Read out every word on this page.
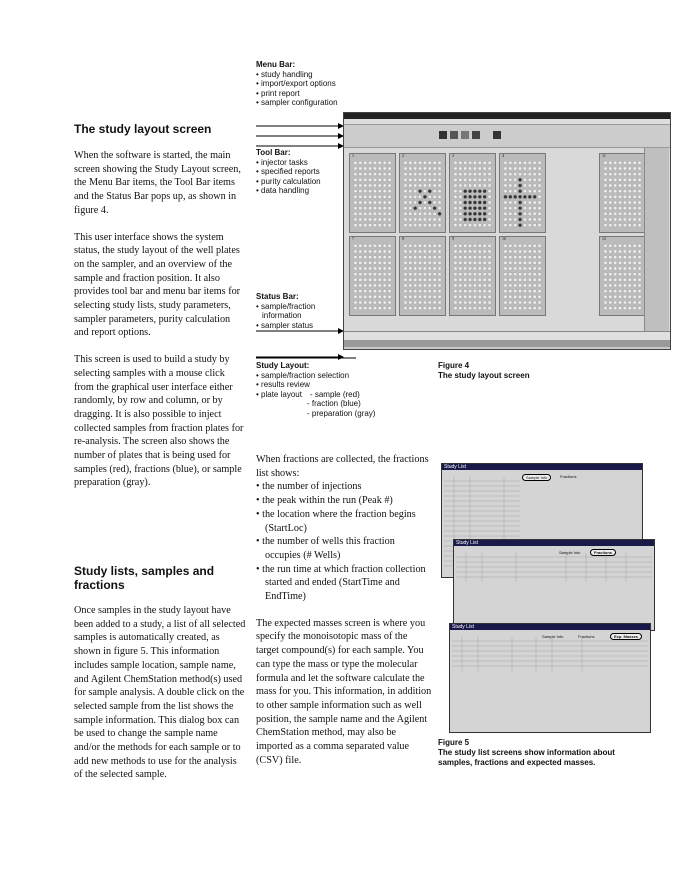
The study layout screen

When the software is started, the main screen showing the Study Layout screen, the Menu Bar items, the Tool Bar items and the Status Bar pops up, as shown in figure 4.

This user interface shows the system status, the study layout of the well plates on the sampler, and an overview of the sample and fraction position. It also provides tool bar and menu bar items for selecting study lists, study parameters, sampler parameters, purity calculation and report options.

This screen is used to build a study by selecting samples with a mouse click from the graphical user interface either randomly, by row and column, or by dragging. It is also possible to inject collected samples from fraction plates for re-analysis. The screen also shows the number of plates that is being used for samples (red), fractions (blue), or sample preparation (gray).

Study lists, samples and fractions

Once samples in the study layout have been added to a study, a list of all selected samples is automatically created, as shown in figure 5. This information includes sample location, sample name, and Agilent ChemStation method(s) used for sample analysis. A double click on the selected sample from the list shows the sample information. This dialog box can be used to change the sample name and/or the methods for each sample or to add new methods to use for the analysis of the selected sample.

Menu Bar:
• study handling
• import/export options
• print report
• sampler configuration
Tool Bar:
• injector tasks
• specified reports
• purity calculation
• data handling
Status Bar:
• sample/fraction information
• sampler status
Study Layout:
• sample/fraction selection
• results review
• plate layout - sample (red)
- fraction (blue)
- preparation (gray)
1	2	3	4	11
7	8	9	10	12
Figure 4
The study layout screen
When fractions are collected, the fractions list shows:
• the number of injections
• the peak within the run (Peak #)
• the location where the fraction begins (StartLoc)
• the number of wells this fraction occupies (# Wells)
• the run time at which fraction collection started and ended (StartTime and EndTime)

The expected masses screen is where you specify the monoisotopic mass of the target compound(s) for each sample. You can type the mass or type the molecular formula and let the software calculate the mass for you. This information, in addition to other sample information such as well position, the sample name and the Agilent ChemStation method, may also be imported as a comma separated value (CSV) file.

Study List
Sample Info	Fractions
Study List
Sample Info	Fractions
Study List
Sample Info	Fractions	Exp. Masses
Figure 5
The study list screens show information about samples, fractions and expected masses.
